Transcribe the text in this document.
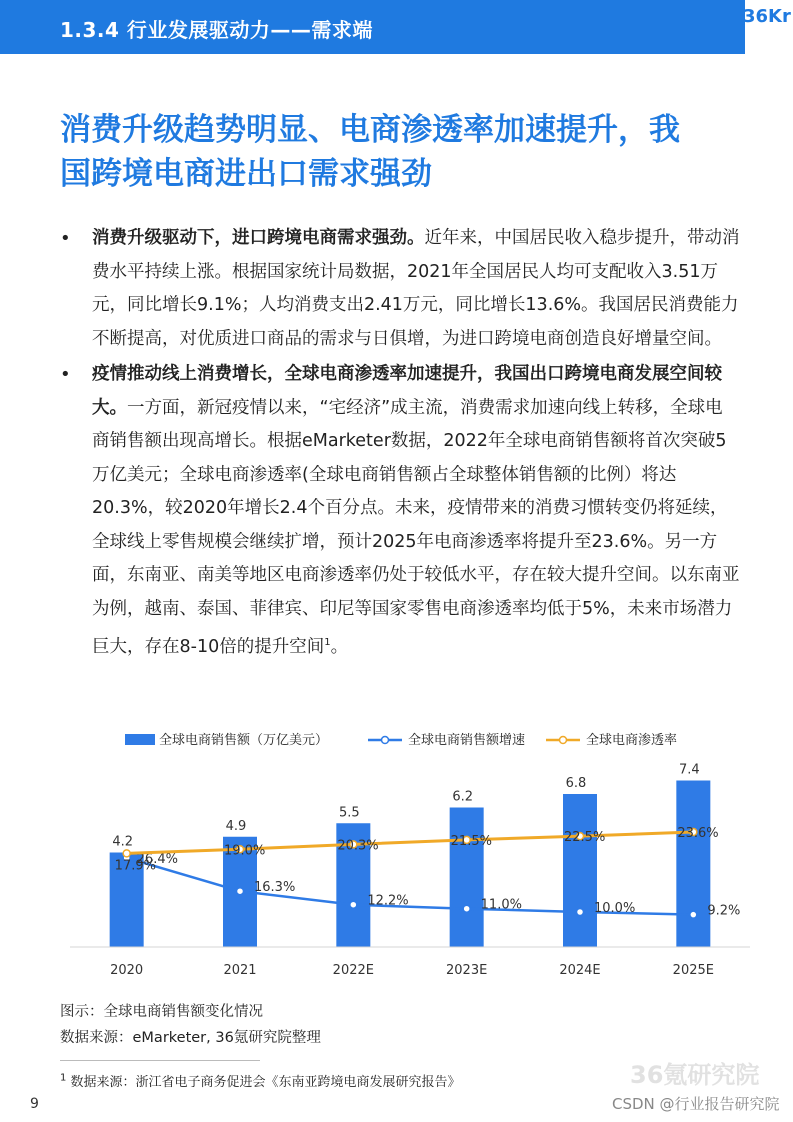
1.3.4 行业发展驱动力——需求端
36Kr
消费升级趋势明显、电商渗透率加速提升，我
国跨境电商进出口需求强劲
• 消费升级驱动下，进口跨境电商需求强劲。近年来，中国居民收入稳步提升，带动消费水平持续上涨。根据国家统计局数据，2021年全国居民人均可支配收入3.51万元，同比增长9.1%；人均消费支出2.41万元，同比增长13.6%。我国居民消费能力不断提高，对优质进口商品的需求与日俱增，为进口跨境电商创造良好增量空间。
• 疫情推动线上消费增长，全球电商渗透率加速提升，我国出口跨境电商发展空间较大。一方面，新冠疫情以来，“宅经济”成主流，消费需求加速向线上转移，全球电商销售额出现高增长。根据eMarketer数据，2022年全球电商销售额将首次突破5万亿美元；全球电商渗透率(全球电商销售额占全球整体销售额的比例）将达20.3%，较2020年增长2.4个百分点。未来，疫情带来的消费习惯转变仍将延续，全球线上零售规模会继续扩增，预计2025年电商渗透率将提升至23.6%。另一方面，东南亚、南美等地区电商渗透率仍处于较低水平，存在较大提升空间。以东南亚为例，越南、泰国、菲律宾、印尼等国家零售电商渗透率均低于5%，未来市场潜力巨大，存在8-10倍的提升空间$^1$。
全球电商销售额（万亿美元）	全球电商销售额增速	全球电商渗透率
4.2
4.9
5.5
6.2
6.8
7.4
2020	2021	2022E	2023E	2024E	2025E
26.4%
16.3%
12.2%	11.0%	10.0%	9.2%
17.9%
19.0%	20.3%	21.5%	22.5%	23.6%
图示：全球电商销售额变化情况
数据来源：eMarketer, 36氪研究院整理
$^1$ 数据来源：浙江省电子商务促进会《东南亚跨境电商发展研究报告》
9
36氪研究院
CSDN @行业报告研究院
